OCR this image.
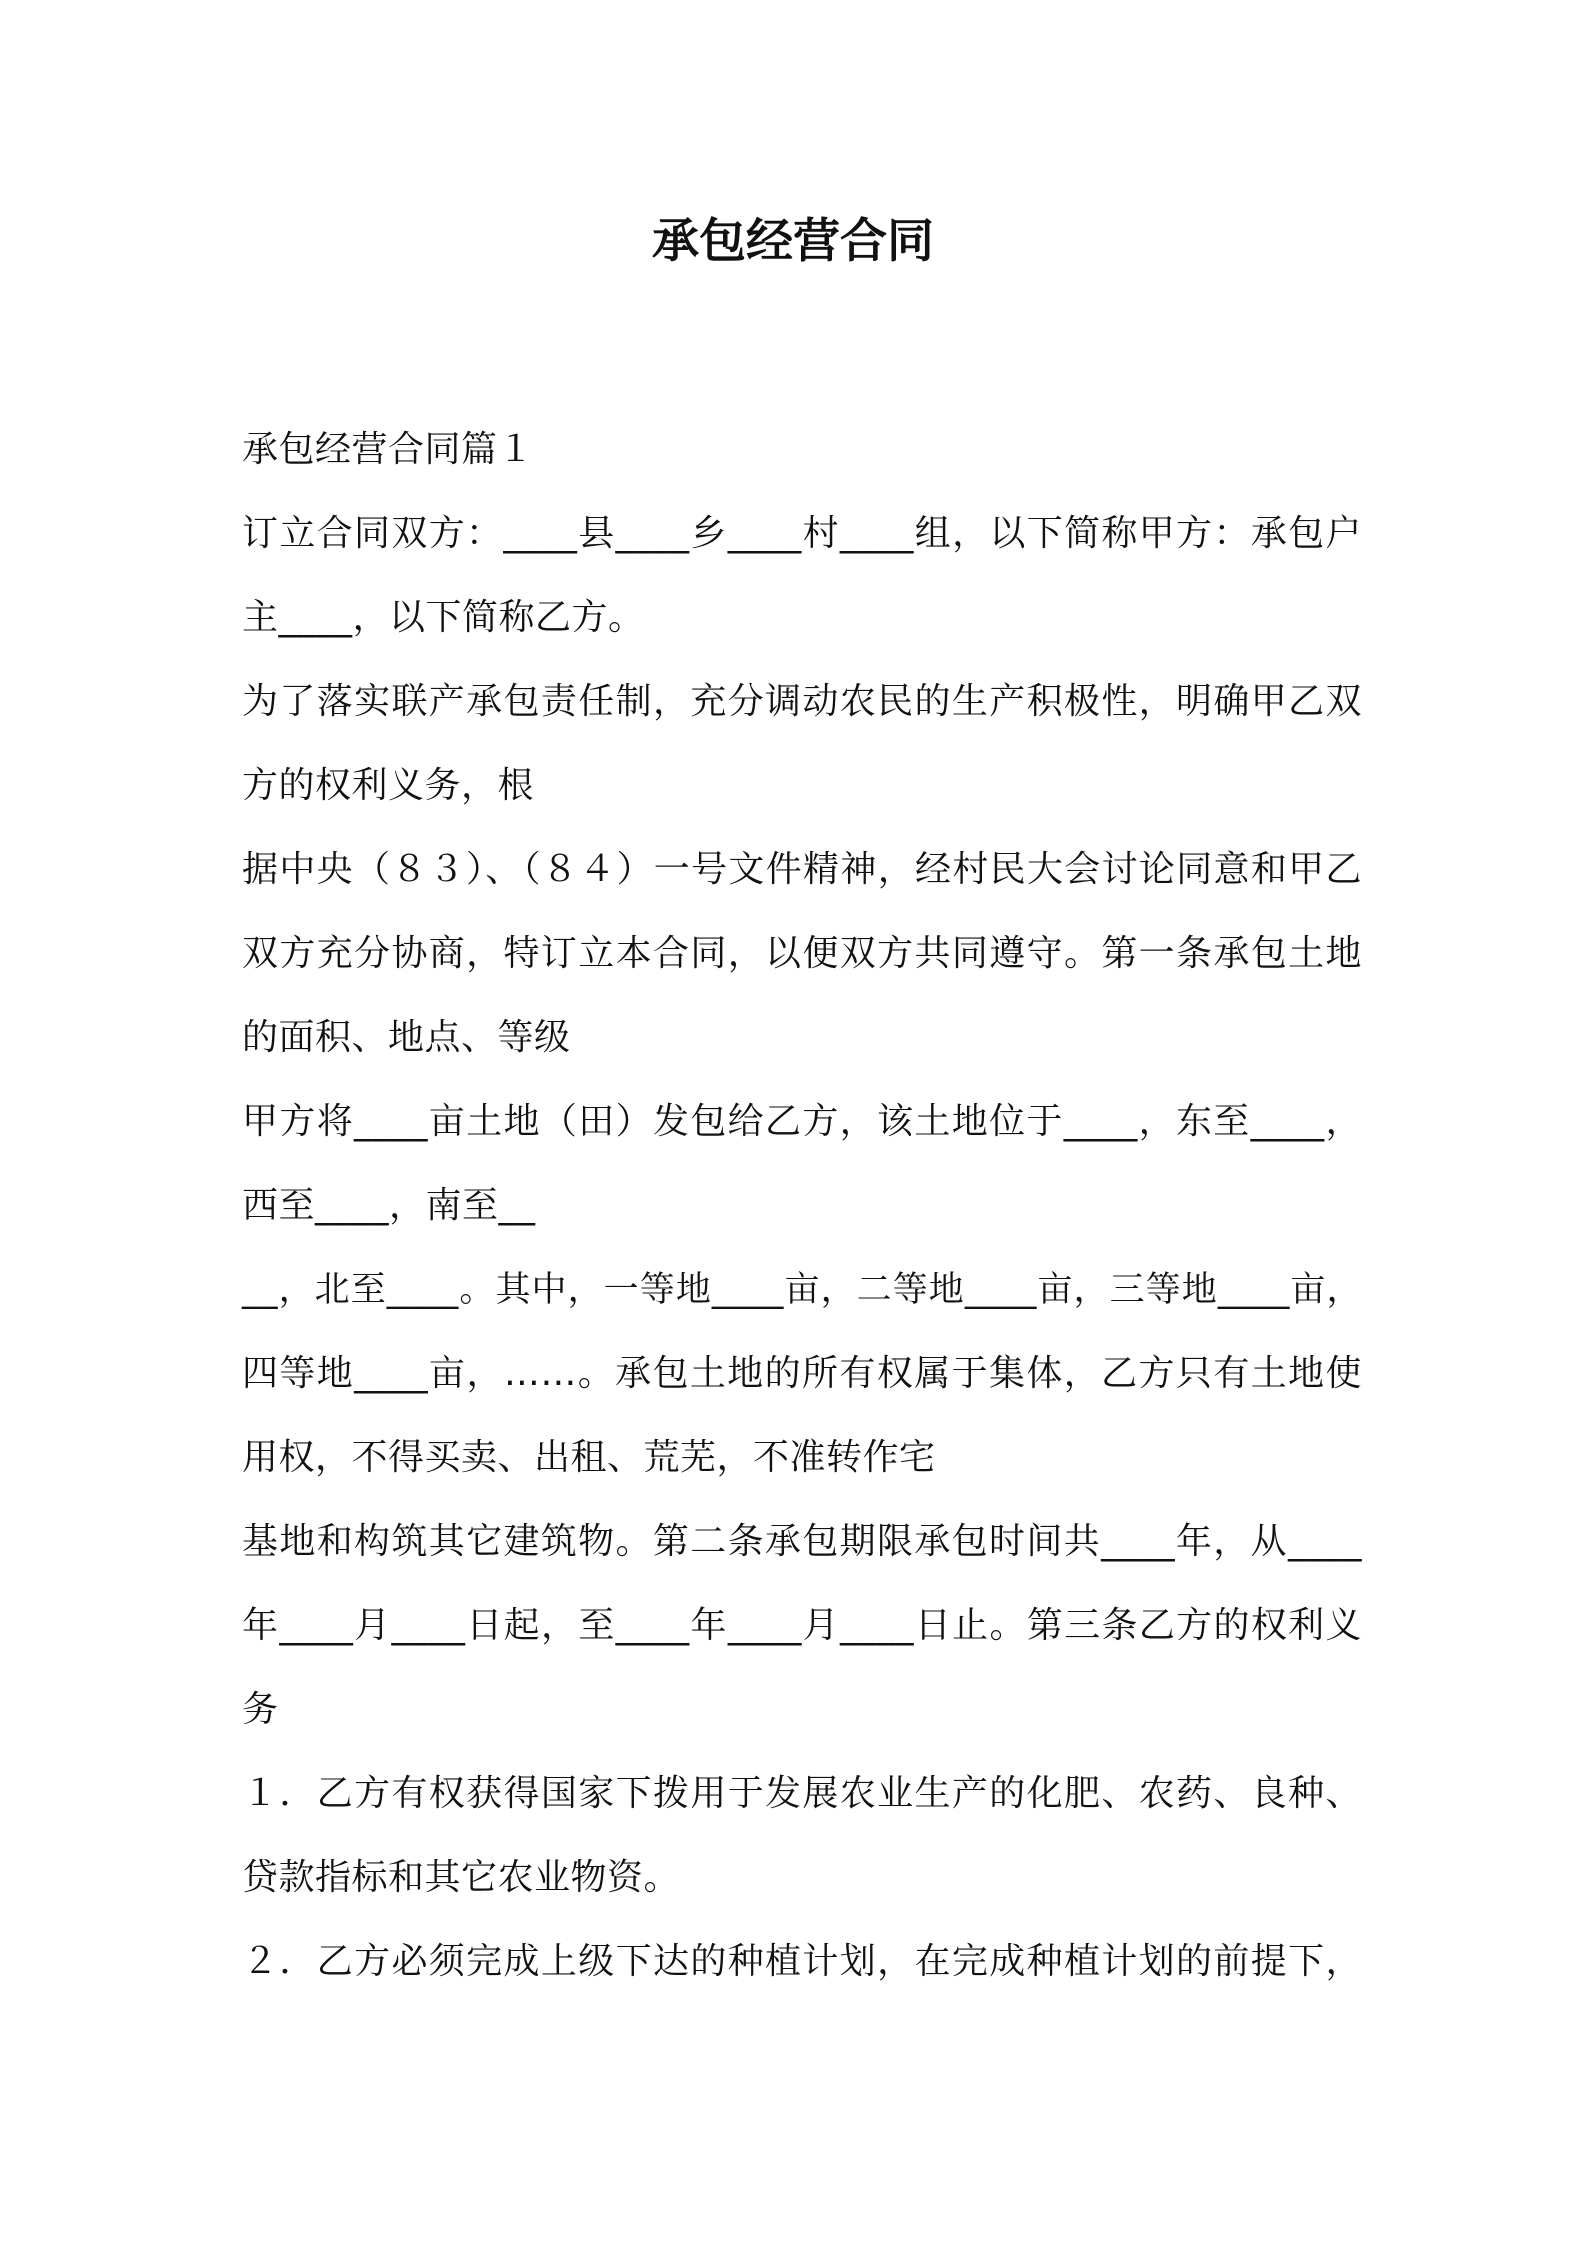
承包经营合同

承包经营合同篇１

订立合同双方：____县____乡____村____组，以下简称甲方：承包户

主____，以下简称乙方。

为了落实联产承包责任制，充分调动农民的生产积极性，明确甲乙双

方的权利义务，根

据中央（８３）、（８４）一号文件精神，经村民大会讨论同意和甲乙

双方充分协商，特订立本合同，以便双方共同遵守。第一条承包土地

的面积、地点、等级

甲方将____亩土地（田）发包给乙方，该土地位于____，东至____，

西至____，南至__

__，北至____。其中，一等地____亩，二等地____亩，三等地____亩，

四等地____亩，……。承包土地的所有权属于集体，乙方只有土地使

用权，不得买卖、出租、荒芜，不准转作宅

基地和构筑其它建筑物。第二条承包期限承包时间共____年，从____

年____月____日起，至____年____月____日止。第三条乙方的权利义

务

１．乙方有权获得国家下拨用于发展农业生产的化肥、农药、良种、

贷款指标和其它农业物资。

２．乙方必须完成上级下达的种植计划，在完成种植计划的前提下，
